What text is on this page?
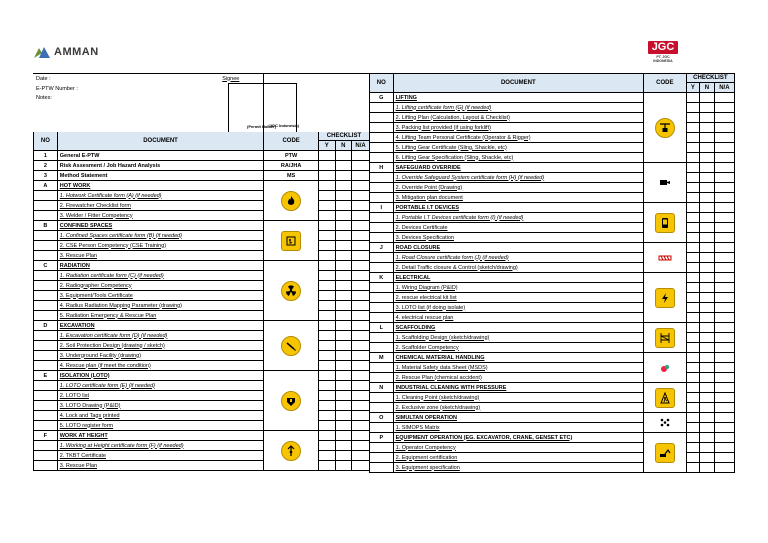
AMMAN	JGC
PT. JGC INDONESIA
Date : Signee					
E-PTW Number :					
Notes:
(Permit Holder)		(JGC Indonesia)			

NO	DOCUMENT	CODE	CHECKLIST		
			Y	N	N/A
1	General E-PTW	PTW			
2	Risk Assesment / Job Hazard Analysis	RA/JHA			
3	Method Statement	MS			
A	HOT WORK	

	1. Hotwork Certificate form (A) (if needed)				
	2. Firewatcher Checklist form				
	3. Welder / Fitter Competency				
B	CONFINED SPACES	

	1. Confined Spaces certificate form (B) (if needed)				
	2. CSE Person Competency (CSE Training)				
	3. Rescue Plan				
C	RADIATION	

	1. Radiation certificate form (C) (if needed)				
	2. Radiographer Competency				
	3. Equipment/Tools Certificate				
	4. Radius Radiation Mapping Parameter (drawing)				
	5. Radiation Emergency & Rescue Plan				
D	EXCAVATION	

	1. Excavation certificate form (D) (if needed)				
	2. Soil Protection Design (drawing / sketch)				
	3. Underground Facility (drawing)				
	4. Rescue plan (if meet the condition)				
E	ISOLATION (LOTO)	

	1. LOTO certificate form (E) (if needed)				
	2. LOTO list				
	3. LOTO Drawing (P&ID)				
	4. Lock and Tags printed				
	5. LOTO register form				
F	WORK AT HEIGHT	

	1. Working at Height certificate form (F) (if needed)				
	2. TKBT Certificate				
	3. Rescue Plan				
NO	DOCUMENT	CODE	CHECKLIST		
			Y	N	N/A
G	LIFTING	

	1. Lifting certificate form (G) (if needed)				
	2. Lifting Plan (Calculation, Layout & Checklist)				
	3. Packing list provided (if using forklift)				
	4. Lifting Team Personal Certificate (Operator & Rigger)				
	5. Lifting Gear Certificate (Sling, Shackle, etc)				
	6. Lifting Gear Specification (Sling, Shackle, etc)				
H	SAFEGUARD OVERRIDE	

	1. Override Safeguard System certificate form (H) (if needed)				
	2. Override Point (Drawing)				
	3. Mitigation plan document				
I	PORTABLE I.T DEVICES	

	1. Portable I.T Devices certificate form (I) (if needed)				
	2. Devices Certificate				
	3. Devices Specification				
J	ROAD CLOSURE	

	1. Road Closure certificate form (J) (if needed)				
	2. Detail Traffic closure & Control (sketch/drawing)				
K	ELECTRICAL	

	1. Wiring Diagram (P&ID)				
	2. rescue electrical kit list				
	3. LOTO list (if doing isolate)				
	4. electrical rescue plan				
L	SCAFFOLDING	

	1. Scaffolding Design (sketch/drawing)				
	2. Scaffolder Competency				
M	CHEMICAL MATERIAL HANDLING	

	1. Material Safety data Sheet (MSDS)				
	2. Rescue Plan (chemical accident)				
N	INDUSTRIAL CLEANING WITH PRESSURE	

	1. Cleaning Point (sketch/drawing)				
	2. Exclusive zone (sketch/drawing)				
O	SIMULTAN OPERATION	

	1. SIMOPS Matrix				
P	EQUIPMENT OPERATION (EG. EXCAVATOR, CRANE, GENSET ETC)	

	1. Operator Competency				
	2. Equipment certification				
	3. Equipment specification				
